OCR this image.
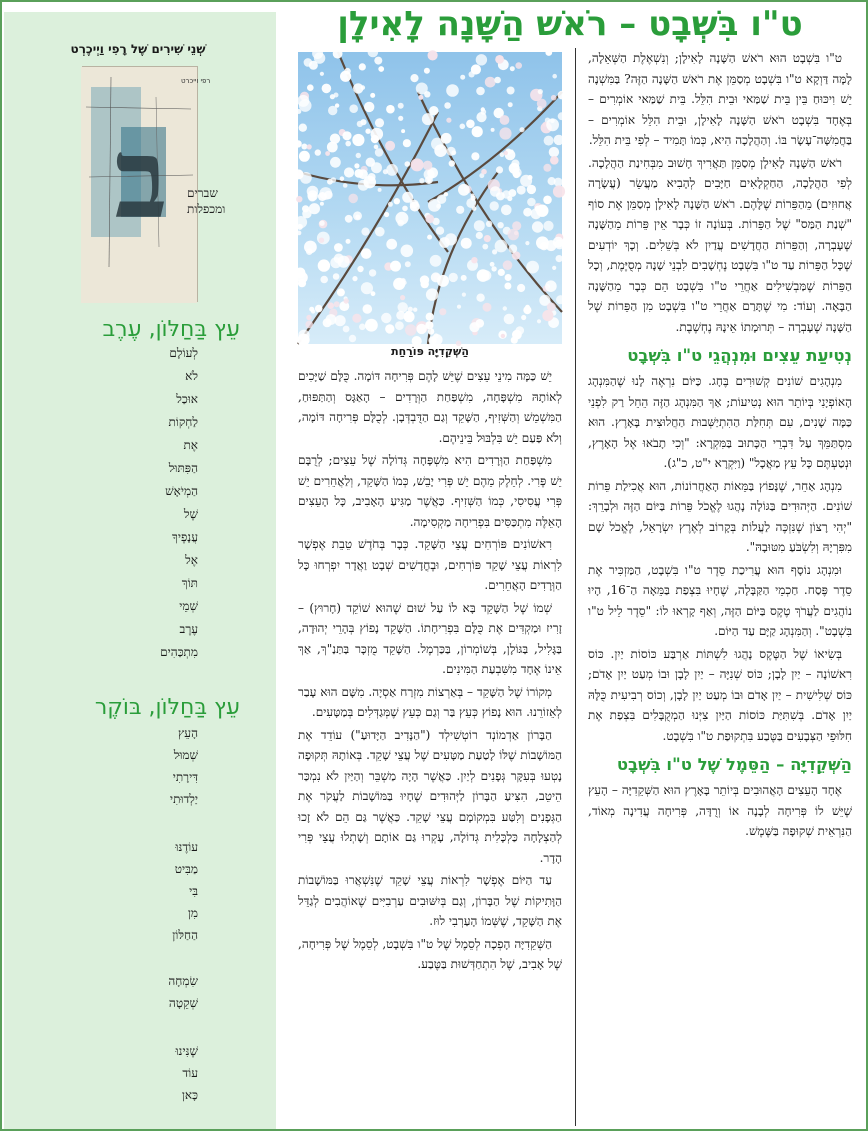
ט"ו בִּשְׁבָט – רֹאשׁ הַשָּׁנָה לָאִילָן

ט"ו בִּשְׁבָט הוּא רֹאשׁ הַשָּׁנָה לָאִילָן; וְנִשְׁאֶלֶת הַשְּׁאֵלָה, לָמָּה דַּוְקָא ט"ו בִּשְׁבָט מְסַמֵּן אֶת רֹאשׁ הַשָּׁנָה הַזֶּה? בַּמִּשְׁנָה יֵשׁ וִיכּוּחַ בֵּין בֵּית שַׁמַּאי וּבֵית הִלֵּל. בֵּית שַׁמַּאי אוֹמְרִים – בְּאֶחָד בִּשְׁבָט רֹאשׁ הַשָּׁנָה לָאִילָן, וּבֵית הִלֵּל אוֹמְרִים – בַּחֲמִשָּׁה־עָשָׂר בּוֹ. וְהַהֲלָכָה הִיא, כְּמוֹ תָּמִיד – לְפִי בֵּית הִלֵּל.

רֹאשׁ הַשָּׁנָה לָאִילָן מְסַמֵּן תַּאֲרִיךְ חָשׁוּב מִבְּחִינַת הַהֲלָכָה. לְפִי הַהֲלָכָה, הַחַקְלָאִים חַיָּבִים לְהָבִיא מַעֲשֵׂר (עֲשָׂרָה אֲחוּזִים) מֵהַפֵּרוֹת שֶׁלָּהֶם. רֹאשׁ הַשָּׁנָה לָאִילָן מְסַמֵּן אֶת סוֹף "שְׁנַת הַמַּס" שֶׁל הַפֵּרוֹת. בְּעוֹנָה זוֹ כְּבָר אֵין פֵּרוֹת מֵהַשָּׁנָה שֶׁעָבְרָה, וְהַפֵּרוֹת הַחֲדָשִׁים עֲדַיִן לֹא בְּשֵׁלִים. וְכָךְ יוֹדְעִים שֶׁכָּל הַפֵּרוֹת עַד ט"ו בִּשְׁבָט נֶחְשָׁבִים לִבְנֵי שָׁנָה מְסֻיֶּמֶת, וְכָל הַפֵּרוֹת שֶׁמַּבְשִׁילִים אַחֲרֵי ט"ו בִּשְׁבָט הֵם כְּבָר מֵהַשָּׁנָה הַבָּאָה. וְעוֹד: מִי שֶׁתָּרַם אַחֲרֵי ט"ו בִּשְׁבָט מִן הַפֵּרוֹת שֶׁל הַשָּׁנָה שֶׁעָבְרָה – תְּרוּמָתוֹ אֵינָהּ נֶחְשֶׁבֶת.

נְטִיעַת עֵצִים וּמִנְהֲגֵי ט"ו בִּשְׁבָט

מִנְהָגִים שׁוֹנִים קְשׁוּרִים בֶּחָג. כַּיּוֹם נִרְאֶה לָנוּ שֶׁהַמִּנְהָג הָאוֹפְיָנִי בְּיוֹתֵר הוּא נְטִיעוֹת; אַךְ הַמִּנְהָג הַזֶּה הֵחֵל רַק לִפְנֵי כַּמָּה שָׁנִים, עִם תְּחִלַּת הַהִתְיַשְּׁבוּת הַחֲלוּצִית בָּאָרֶץ. הוּא מִסְתַּמֵּךְ עַל דִּבְרֵי הַכָּתוּב בַּמִּקְרָא: "וְכִי תָבֹאוּ אֶל הָאָרֶץ, וּנְטַעְתֶּם כָּל עֵץ מַאֲכָל" (וַיִּקְרָא י"ט, כ"ג).

מִנְהָג אַחֵר, שֶׁנָּפוֹץ בַּמֵּאוֹת הָאַחֲרוֹנוֹת, הוּא אֲכִילַת פֵּרוֹת שׁוֹנִים. הַיְּהוּדִים בַּגּוֹלָה נָהֲגוּ לֶאֱכֹל פֵּרוֹת בַּיּוֹם הַזֶּה וּלְבָרֵךְ: "יְהִי רָצוֹן שֶׁנִּזְכֶּה לַעֲלוֹת בְּקָרוֹב לְאֶרֶץ יִשְׂרָאֵל, לֶאֱכֹל שָׁם מִפִּרְיָהּ וְלִשְׂבֹּעַ מִטּוּבָהּ".

וּמִנְהָג נוֹסָף הוּא עֲרִיכַת סֵדֶר ט"ו בִּשְׁבָט, הַמַּזְכִּיר אֶת סֵדֶר פֶּסַח. חַכְמֵי הַקַּבָּלָה, שֶׁחָיוּ בִּצְפַת בַּמֵּאָה הַ־16, הָיוּ נוֹהֲגִים לַעֲרֹךְ טֶקֶס בַּיּוֹם הַזֶּה, וְאַף קָרְאוּ לוֹ: "סֵדֶר לֵיל ט"ו בִּשְׁבָט". וְהַמִּנְהָג קַיָּם עַד הַיּוֹם.

בְּשִׂיאוֹ שֶׁל הַטֶּקֶס נָהֲגוּ לִשְׁתּוֹת אַרְבַּע כּוֹסוֹת יַיִן. כּוֹס רִאשׁוֹנָה – יַיִן לָבָן; כּוֹס שְׁנִיָּה – יַיִן לָבָן וּבוֹ מְעַט יַיִן אָדֹם; כּוֹס שְׁלִישִׁית – יַיִן אָדֹם וּבוֹ מְעַט יַיִן לָבָן, וְכוֹס רְבִיעִית כֻּלָּהּ יַיִן אָדֹם. בְּשִׁתִּיַּת כּוֹסוֹת הַיַּיִן צִיְּנוּ הַמְקֻבָּלִים בִּצְפַת אֶת חִלּוּפֵי הַצְּבָעִים בַּטֶּבַע בִּתְקוּפַת ט"ו בִּשְׁבָט.

הַשְּׁקֵדִיָּה – הַסֵּמֶל שֶׁל ט"ו בִּשְׁבָט

אֶחָד הָעֵצִים הָאֲהוּבִים בְּיוֹתֵר בָּאָרֶץ הוּא הַשְּׁקֵדִיָּה – הָעֵץ שֶׁיֵּשׁ לוֹ פְּרִיחָה לְבָנָה אוֹ וְרֻדָּה, פְּרִיחָה עֲדִינָה מְאוֹד, הַנִּרְאֵית שְׁקוּפָה בַּשֶּׁמֶשׁ.

הַשְּׁקֵדִיָּה פּוֹרַחַת

יֵשׁ כַּמָּה מִינֵי עֵצִים שֶׁיֵּשׁ לָהֶם פְּרִיחָה דּוֹמָה. כֻּלָּם שַׁיָּכִים לְאוֹתָהּ מִשְׁפָּחָה, מִשְׁפַּחַת הַוְּרָדִים – הָאַגָּס וְהַתַּפּוּחַ, הַמִּשְׁמֵשׁ וְהַשְּׁזִיף, הַשָּׁקֵד וְגַם הַדֻּבְדְּבָן. לְכֻלָּם פְּרִיחָה דּוֹמָה, וְלֹא פַּעַם יֵשׁ בִּלְבּוּל בֵּינֵיהֶם.

מִשְׁפַּחַת הַוְּרָדִים הִיא מִשְׁפָּחָה גְּדוֹלָה שֶׁל עֵצִים; לְרֻבָּם יֵשׁ פֶּרִי. לְחֵלֶק מֵהֶם יֵשׁ פְּרִי יָבֵשׁ, כְּמוֹ הַשָּׁקֵד, וְלַאֲחֵרִים יֵשׁ פְּרִי עֲסִיסִי, כְּמוֹ הַשְּׁזִיף. כַּאֲשֶׁר מַגִּיעַ הָאָבִיב, כָּל הָעֵצִים הָאֵלֶּה מִתְכַּסִּים בִּפְרִיחָה מַקְסִימָה.

רִאשׁוֹנִים פּוֹרְחִים עֲצֵי הַשָּׁקֵד. כְּבָר בְּחֹדֶשׁ טֵבֵת אֶפְשָׁר לִרְאוֹת עֲצֵי שָׁקֵד פּוֹרְחִים, וּבֶחֳדָשִׁים שְׁבָט וַאֲדָר יִפְרְחוּ כָּל הַוְּרָדִים הָאֲחֵרִים.

שְׁמוֹ שֶׁל הַשָּׁקֵד בָּא לוֹ עַל שׁוּם שֶׁהוּא שׁוֹקֵד (חָרוּץ) – זָרִיז וּמַקְדִּים אֶת כֻּלָּם בִּפְרִיחָתוֹ. הַשָּׁקֵד נָפוֹץ בְּהָרֵי יְהוּדָה, בַּגָּלִיל, בַּגּוֹלָן, בְּשׁוֹמְרוֹן, בַּכַּרְמֶל. הַשָּׁקֵד מֻזְכָּר בַּתַּנַ"ךְ, אַךְ אֵינוֹ אֶחָד מִשִּׁבְעַת הַמִּינִים.

מְקוֹרוֹ שֶׁל הַשָּׁקֵד – בְּאַרְצוֹת מִזְרַח אַסְיָה. מִשָּׁם הוּא עָבַר לְאֵזוֹרֵנוּ. הוּא נָפוֹץ כְּעֵץ בַּר וְגַם כְּעֵץ שֶׁמְּגַדְּלִים בְּמַטָּעִים.

הַבָּרוֹן אַדְמוֹנְד רוֹטְשִׁילְד ("הַנָּדִיב הַיָּדוּעַ") עוֹדֵד אֶת הַמּוֹשָׁבוֹת שֶׁלּוֹ לָטַעַת מַטָּעִים שֶׁל עֲצֵי שָׁקֵד. בְּאוֹתָהּ תְּקוּפָה נָטְעוּ בְּעִקָּר גְּפָנִים לְיַיִן. כַּאֲשֶׁר הָיָה מַשְׁבֵּר וְהַיַּיִן לֹא נִמְכַּר הֵיטֵב, הִצִּיעַ הַבָּרוֹן לַיְּהוּדִים שֶׁחָיוּ בַּמּוֹשָׁבוֹת לַעֲקֹר אֶת הַגְּפָנִים וְלִטַּע בִּמְקוֹמָם עֲצֵי שָׁקֵד. כַּאֲשֶׁר גַּם הֵם לֹא זָכוּ לְהַצְלָחָה כַּלְכָּלִית גְּדוֹלָה, עָקְרוּ גַּם אוֹתָם וְשָׁתְלוּ עֲצֵי פְּרִי הָדָר.

עַד הַיּוֹם אֶפְשָׁר לִרְאוֹת עֲצֵי שָׁקֵד שֶׁנִּשְׁאֲרוּ בַּמּוֹשָׁבוֹת הַוָּתִיקוֹת שֶׁל הַבָּרוֹן, וְגַם בְּיִשּׁוּבִים עַרְבִיִּים שֶׁאוֹהֲבִים לְגַדֵּל אֶת הַשָּׁקֵד, שֶׁשְּׁמוֹ הָעַרְבִי לוּז.

הַשְּׁקֵדִיָּה הָפְכָה לְסֵמֶל שֶׁל ט"ו בִּשְׁבָט, לְסֵמֶל שֶׁל פְּרִיחָה, שֶׁל אָבִיב, שֶׁל הִתְחַדְּשׁוּת בַּטֶּבַע.

שְׁנֵי שִׁירִים שֶׁל רָפִי וַיְיכֶרְט
ב
רפי וייכרט
שברים
ומכפלות
עֵץ בַּחַלּוֹן, עֶרֶב
לְעוֹלָם
לֹא
אוּכַל
לַחְקוֹת
אֶת
הַפִּתּוּל
הַמְיֹאָשׁ
שֶׁל
עֲנָפֶיךָ
אֶל
תּוֹךְ
שְׁמֵי
עֶרֶב
מִתְכַּהִים
עֵץ בַּחַלּוֹן, בּוֹקֶר
הָעֵץ
שְׁמוּל
דִּירָתִי
יַלְדוּתִי
עוֹדֶנּוּ
מַבִּיט
בִּי
מִן
הַחַלּוֹן
שִׂמְחָה
שְׁקֵטָה
שֶׁנִּינוּ
עוֹד
כָּאן
